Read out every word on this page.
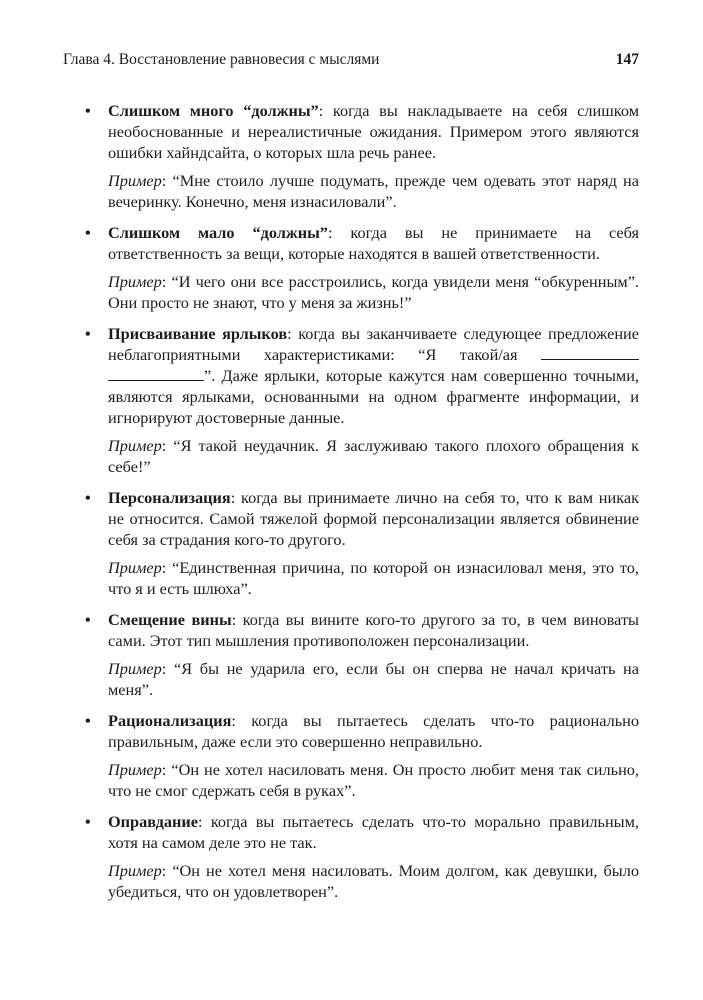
Глава 4. Восстановление равновесия с мыслями	147
• Слишком много “должны”: когда вы накладываете на себя слишком необоснованные и нереалистичные ожидания. Примером этого являются ошибки хайндсайта, о которых шла речь ранее.

Пример: “Мне стоило лучше подумать, прежде чем одевать этот наряд на вечеринку. Конечно, меня изнасиловали”.

• Слишком мало “должны”: когда вы не принимаете на себя ответственность за вещи, которые находятся в вашей ответственности.

Пример: “И чего они все расстроились, когда увидели меня “обкуренным”. Они просто не знают, что у меня за жизнь!”

• Присваивание ярлыков: когда вы заканчиваете следующее предложение неблагоприятными характеристиками: “Я такой/ая  ”. Даже ярлыки, которые кажутся нам совершенно точными, являются ярлыками, основанными на одном фрагменте информации, и игнорируют достоверные данные.

Пример: “Я такой неудачник. Я заслуживаю такого плохого обращения к себе!”

• Персонализация: когда вы принимаете лично на себя то, что к вам никак не относится. Самой тяжелой формой персонализации является обвинение себя за страдания кого-то другого.

Пример: “Единственная причина, по которой он изнасиловал меня, это то, что я и есть шлюха”.

• Смещение вины: когда вы вините кого-то другого за то, в чем виноваты сами. Этот тип мышления противоположен персонализации.

Пример: “Я бы не ударила его, если бы он сперва не начал кричать на меня”.

• Рационализация: когда вы пытаетесь сделать что-то рационально правильным, даже если это совершенно неправильно.

Пример: “Он не хотел насиловать меня. Он просто любит меня так сильно, что не смог сдержать себя в руках”.

• Оправдание: когда вы пытаетесь сделать что-то морально правильным, хотя на самом деле это не так.

Пример: “Он не хотел меня насиловать. Моим долгом, как девушки, было убедиться, что он удовлетворен”.
